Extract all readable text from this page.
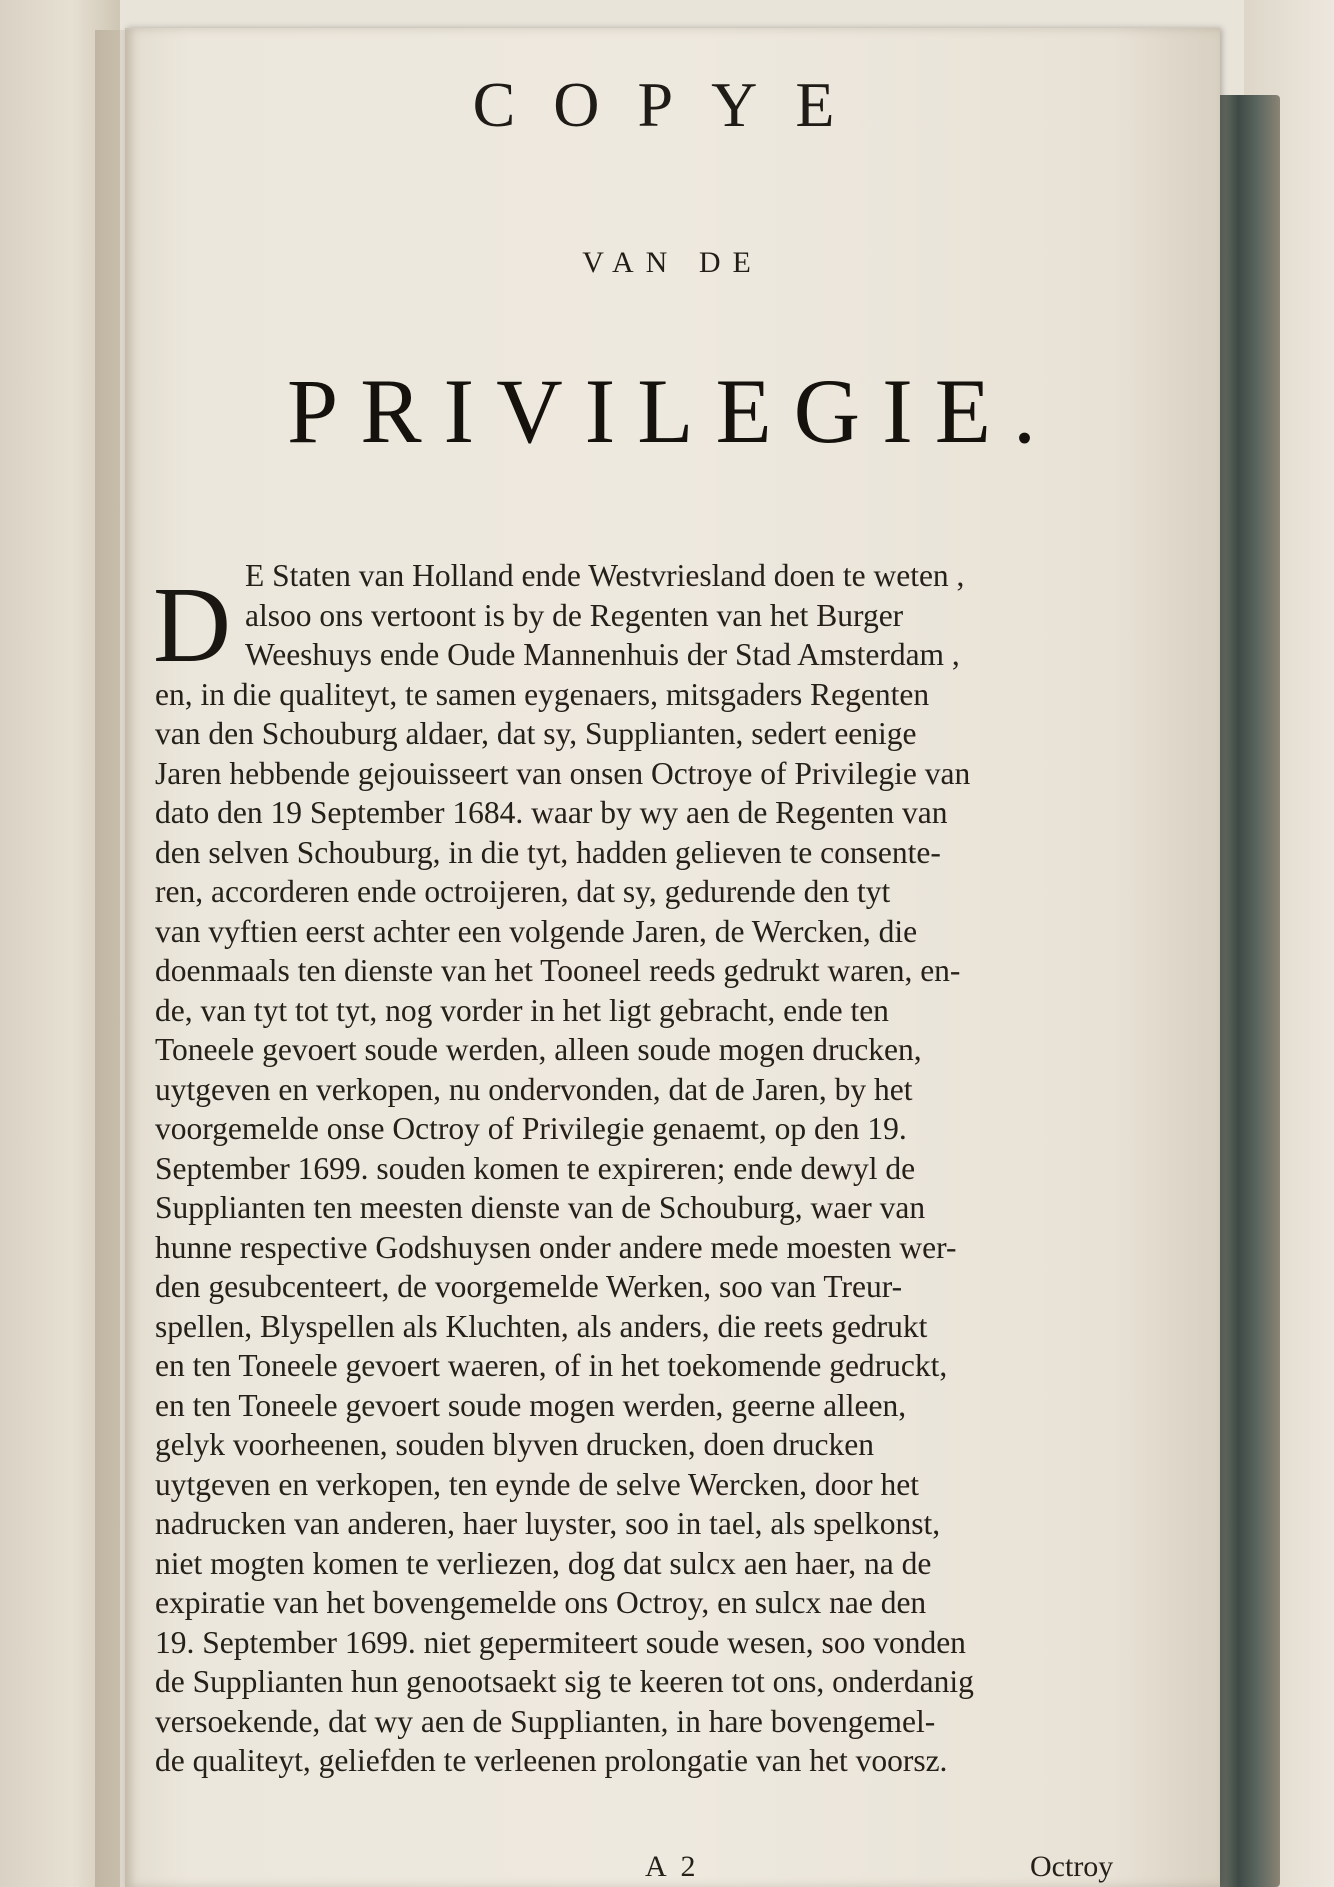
COPYE
VAN DE
PRIVILEGIE.
D E Staten van Holland ende Westvriesland doen te weten ,
alsoo ons vertoont is by de Regenten van het Burger
Weeshuys ende Oude Mannenhuis der Stad Amsterdam ,
en, in die qualiteyt, te samen eygenaers, mitsgaders Regenten
van den Schouburg aldaer, dat sy, Supplianten, sedert eenige
Jaren hebbende gejouisseert van onsen Octroye of Privilegie van
dato den 19 September 1684. waar by wy aen de Regenten van
den selven Schouburg, in die tyt, hadden gelieven te consente-
ren, accorderen ende octroijeren, dat sy, gedurende den tyt
van vyftien eerst achter een volgende Jaren, de Wercken, die
doenmaals ten dienste van het Tooneel reeds gedrukt waren, en-
de, van tyt tot tyt, nog vorder in het ligt gebracht, ende ten
Toneele gevoert soude werden, alleen soude mogen drucken,
uytgeven en verkopen, nu ondervonden, dat de Jaren, by het
voorgemelde onse Octroy of Privilegie genaemt, op den 19.
September 1699. souden komen te expireren; ende dewyl de
Supplianten ten meesten dienste van de Schouburg, waer van
hunne respective Godshuysen onder andere mede moesten wer-
den gesubcenteert, de voorgemelde Werken, soo van Treur-
spellen, Blyspellen als Kluchten, als anders, die reets gedrukt
en ten Toneele gevoert waeren, of in het toekomende gedruckt,
en ten Toneele gevoert soude mogen werden, geerne alleen,
gelyk voorheenen, souden blyven drucken, doen drucken
uytgeven en verkopen, ten eynde de selve Wercken, door het
nadrucken van anderen, haer luyster, soo in tael, als spelkonst,
niet mogten komen te verliezen, dog dat sulcx aen haer, na de
expiratie van het bovengemelde ons Octroy, en sulcx nae den
19. September 1699. niet gepermiteert soude wesen, soo vonden
de Supplianten hun genootsaekt sig te keeren tot ons, onderdanig
versoekende, dat wy aen de Supplianten, in hare bovengemel-
de qualiteyt, geliefden te verleenen prolongatie van het voorsz.
A 2	Octroy
